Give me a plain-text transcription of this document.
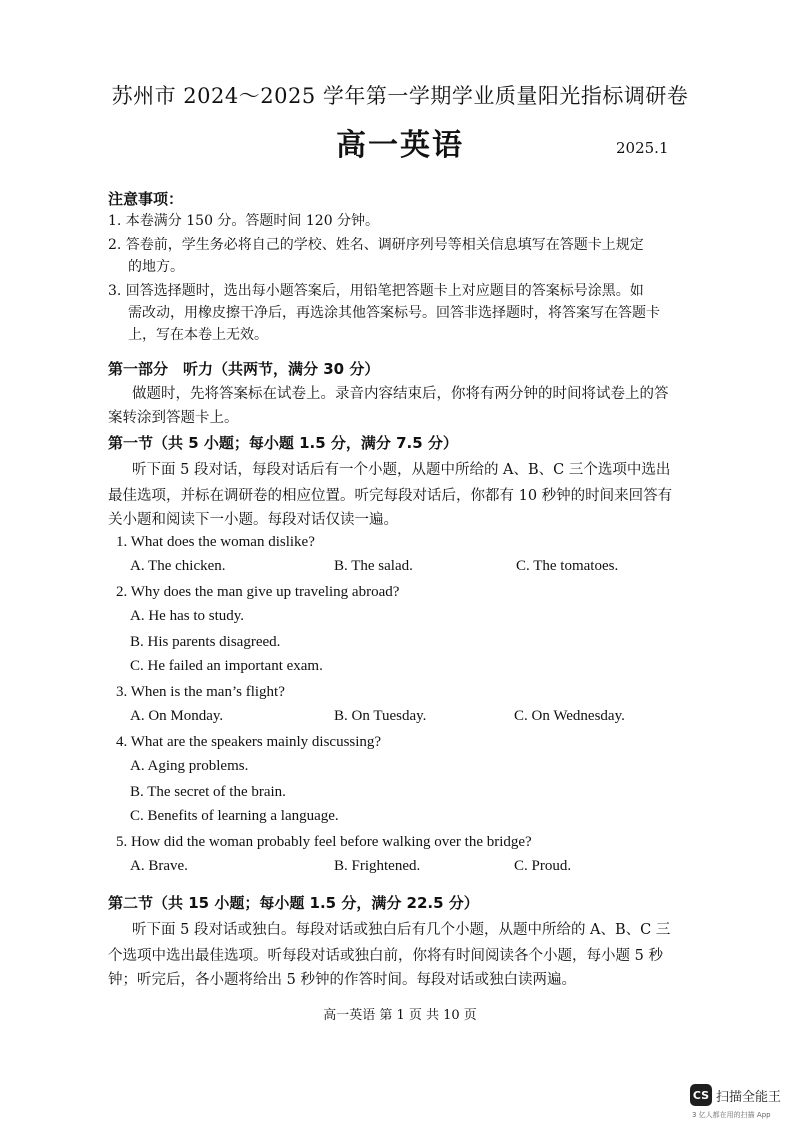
苏州市 2024～2025 学年第一学期学业质量阳光指标调研卷
高一英语	2025.1
注意事项：
1. 本卷满分 150 分。答题时间 120 分钟。
2. 答卷前，学生务必将自己的学校、姓名、调研序列号等相关信息填写在答题卡上规定
的地方。
3. 回答选择题时，选出每小题答案后，用铅笔把答题卡上对应题目的答案标号涂黑。如
需改动，用橡皮擦干净后，再选涂其他答案标号。回答非选择题时，将答案写在答题卡
上，写在本卷上无效。
第一部分　听力（共两节，满分 30 分）
做题时，先将答案标在试卷上。录音内容结束后，你将有两分钟的时间将试卷上的答
案转涂到答题卡上。
第一节（共 5 小题；每小题 1.5 分，满分 7.5 分）
听下面 5 段对话，每段对话后有一个小题，从题中所给的 A、B、C 三个选项中选出
最佳选项，并标在调研卷的相应位置。听完每段对话后，你都有 10 秒钟的时间来回答有
关小题和阅读下一小题。每段对话仅读一遍。
1. What does the woman dislike?
A. The chicken.	B. The salad.	C. The tomatoes.
2. Why does the man give up traveling abroad?
A. He has to study.
B. His parents disagreed.
C. He failed an important exam.
3. When is the man’s flight?
A. On Monday.	B. On Tuesday.	C. On Wednesday.
4. What are the speakers mainly discussing?
A. Aging problems.
B. The secret of the brain.
C. Benefits of learning a language.
5. How did the woman probably feel before walking over the bridge?
A. Brave.	B. Frightened.	C. Proud.
第二节（共 15 小题；每小题 1.5 分，满分 22.5 分）
听下面 5 段对话或独白。每段对话或独白后有几个小题，从题中所给的 A、B、C 三
个选项中选出最佳选项。听每段对话或独白前，你将有时间阅读各个小题，每小题 5 秒
钟；听完后，各小题将给出 5 秒钟的作答时间。每段对话或独白读两遍。
高一英语 第 1 页 共 10 页
CS 扫描全能王
3 亿人都在用的扫描 App
